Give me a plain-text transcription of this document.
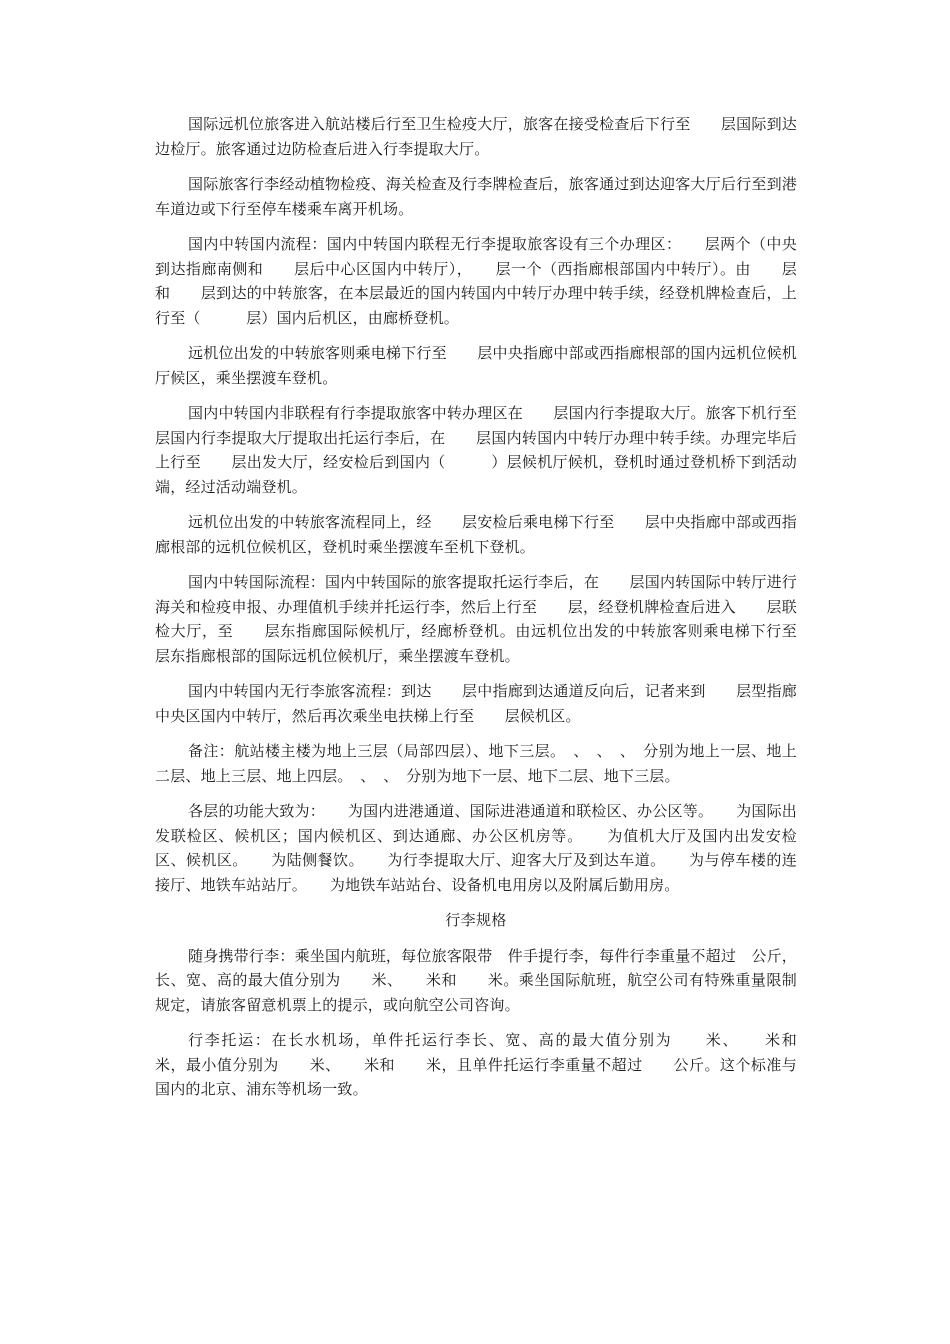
国际远机位旅客进入航站楼后行至卫生检疫大厅，旅客在接受检查后下行至　　层国际到达边检厅。旅客通过边防检查后进入行李提取大厅。

国际旅客行李经动植物检疫、海关检查及行李牌检查后，旅客通过到达迎客大厅后行至到港车道边或下行至停车楼乘车离开机场。

国内中转国内流程：国内中转国内联程无行李提取旅客设有三个办理区：　　层两个（中央到达指廊南侧和　　层后中心区国内中转厅），　　层一个（西指廊根部国内中转厅）。由　　层和　　层到达的中转旅客，在本层最近的国内转国内中转厅办理中转手续，经登机牌检查后，上行至（　　　层）国内后机区，由廊桥登机。

远机位出发的中转旅客则乘电梯下行至　　层中央指廊中部或西指廊根部的国内远机位候机厅候区，乘坐摆渡车登机。

国内中转国内非联程有行李提取旅客中转办理区在　　层国内行李提取大厅。旅客下机行至　　层国内行李提取大厅提取出托运行李后，在　　层国内转国内中转厅办理中转手续。办理完毕后上行至　　层出发大厅，经安检后到国内（　　　）层候机厅候机，登机时通过登机桥下到活动端，经过活动端登机。

远机位出发的中转旅客流程同上，经　　层安检后乘电梯下行至　　层中央指廊中部或西指廊根部的远机位候机区，登机时乘坐摆渡车至机下登机。

国内中转国际流程：国内中转国际的旅客提取托运行李后，在　　层国内转国际中转厅进行海关和检疫申报、办理值机手续并托运行李，然后上行至　　层，经登机牌检查后进入　　层联检大厅，至　　层东指廊国际候机厅，经廊桥登机。由远机位出发的中转旅客则乘电梯下行至　　层东指廊根部的国际远机位候机厅，乘坐摆渡车登机。

国内中转国内无行李旅客流程：到达　　层中指廊到达通道反向后，记者来到　　层型指廊中央区国内中转厅，然后再次乘坐电扶梯上行至　　层候机区。

备注：航站楼主楼为地上三层（局部四层）、地下三层。　、　、　、　分别为地上一层、地上二层、地上三层、地上四层。　、　、　分别为地下一层、地下二层、地下三层。

各层的功能大致为：　　为国内进港通道、国际进港通道和联检区、办公区等。　　为国际出发联检区、候机区；国内候机区、到达通廊、办公区机房等。　　为值机大厅及国内出发安检区、候机区。　　为陆侧餐饮。　　为行李提取大厅、迎客大厅及到达车道。　　为与停车楼的连接厅、地铁车站站厅。　　为地铁车站站台、设备机电用房以及附属后勤用房。

行李规格

随身携带行李：乘坐国内航班，每位旅客限带　件手提行李，每件行李重量不超过　公斤，长、宽、高的最大值分别为　　米、　　米和　　米。乘坐国际航班，航空公司有特殊重量限制规定，请旅客留意机票上的提示，或向航空公司咨询。

行李托运：在长水机场，单件托运行李长、宽、高的最大值分别为　　米、　　米和　　米，最小值分别为　　米、　　米和　　米，且单件托运行李重量不超过　　公斤。这个标准与国内的北京、浦东等机场一致。
